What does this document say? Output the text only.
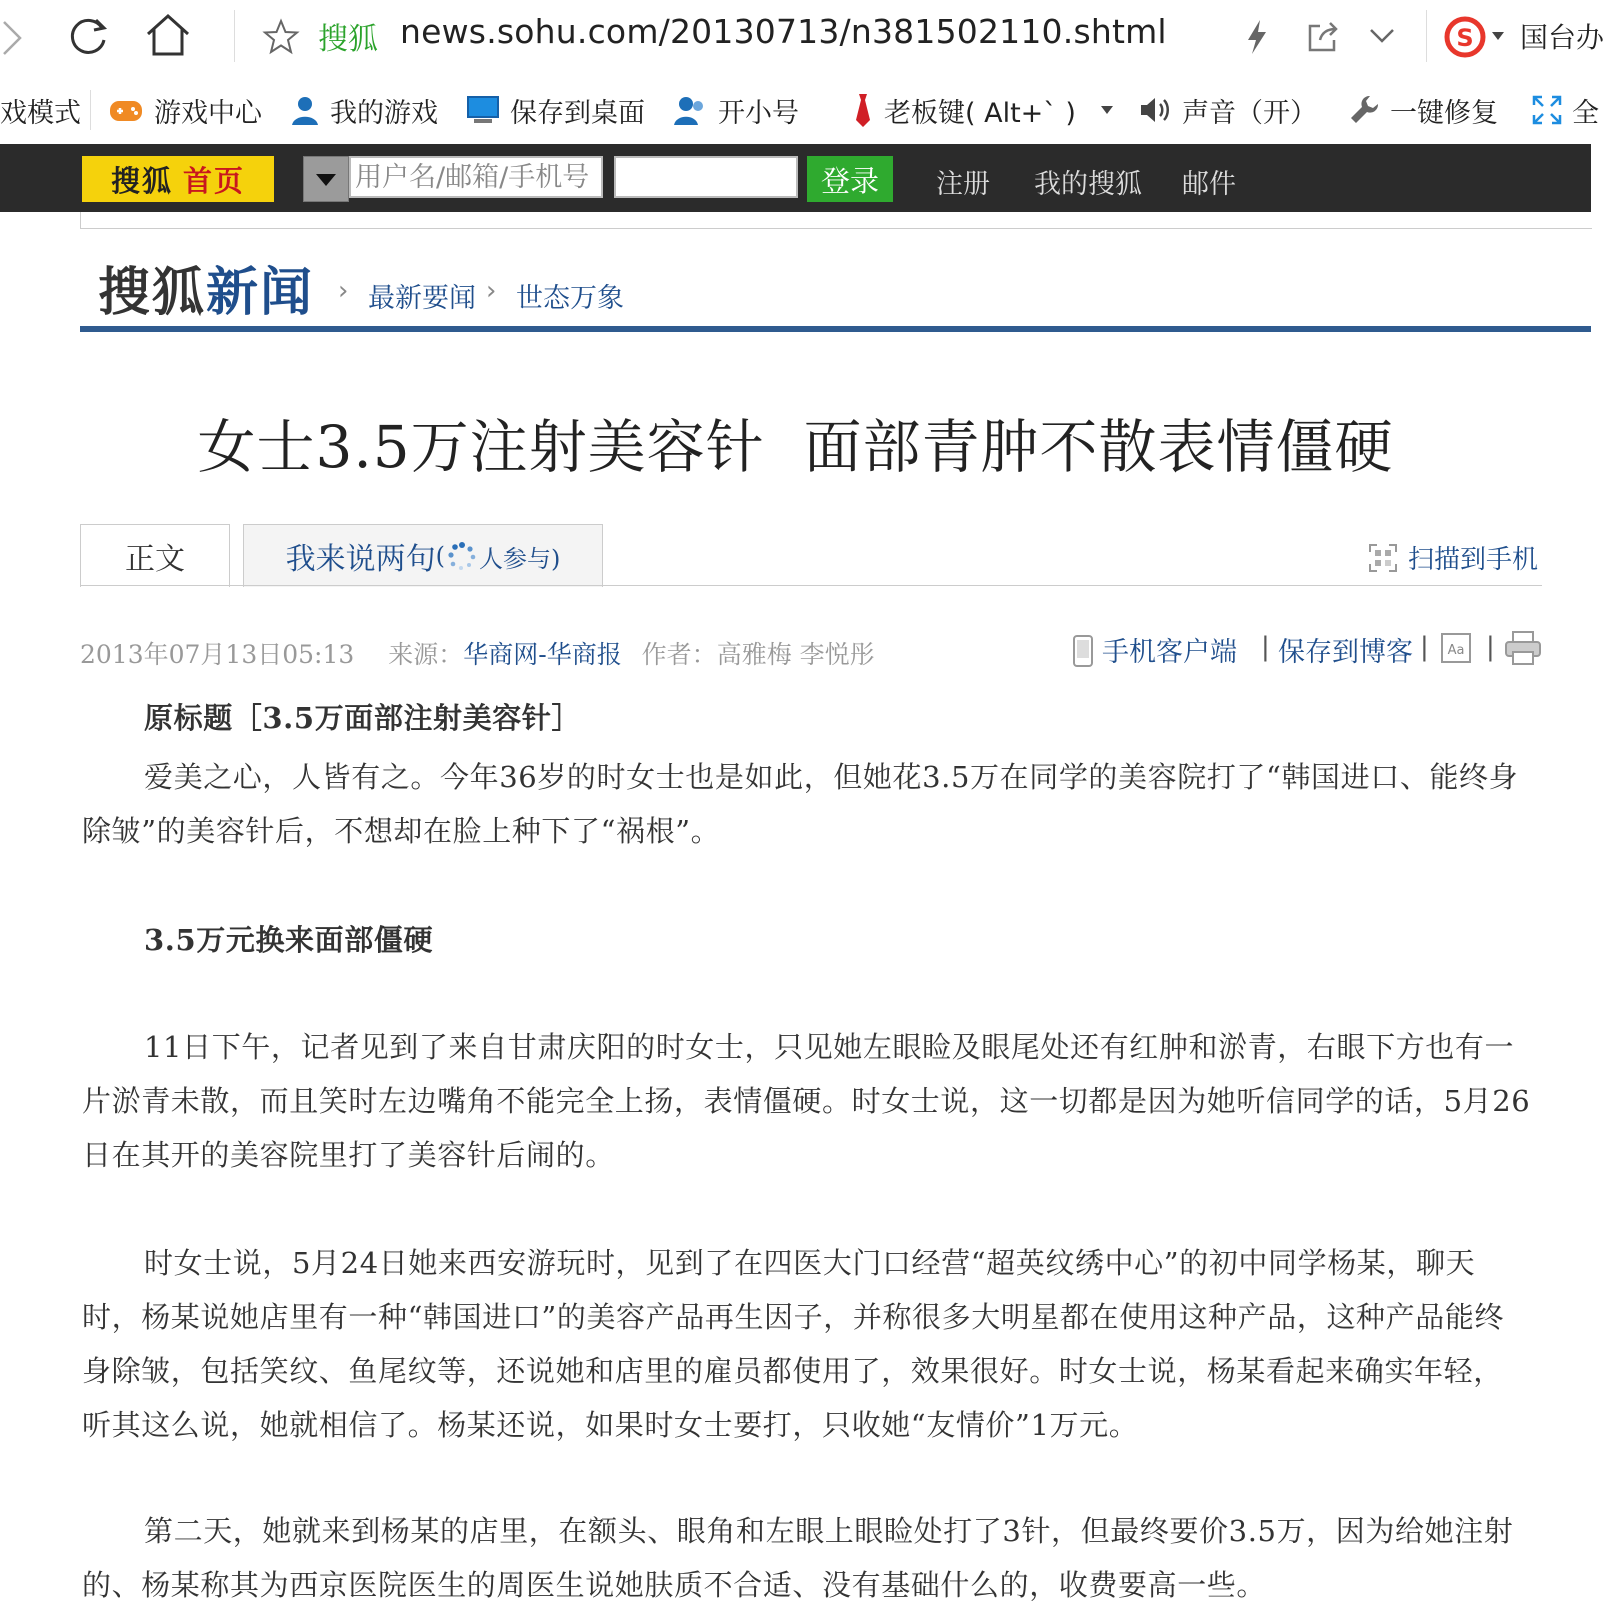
搜狐 news.sohu.com/20130713/n381502110.shtml	S 国台办
戏模式	游戏中心	我的游戏	保存到桌面	开小号	老板键( Alt+` )	声音（开）	一键修复	全
搜狐 首页	用户名/邮箱/手机号	登录	注册 我的搜狐 邮件
搜狐新闻 › 最新要闻 › 世态万象
女士3.5万注射美容针  面部青肿不散表情僵硬
正文	我来说两句 ( 人参与)	扫描到手机
2013年07月13日05:13 来源：华商网-华商报 作者：高雅梅 李悦彤	手机客户端 | 保存到博客 | Aa |
原标题［3.5万面部注射美容针］
爱美之心，人皆有之。今年36岁的时女士也是如此，但她花3.5万在同学的美容院打了“韩国进口、能终身除皱”的美容针后，不想却在脸上种下了“祸根”。
3.5万元换来面部僵硬
11日下午，记者见到了来自甘肃庆阳的时女士，只见她左眼睑及眼尾处还有红肿和淤青，右眼下方也有一片淤青未散，而且笑时左边嘴角不能完全上扬，表情僵硬。时女士说，这一切都是因为她听信同学的话，5月26日在其开的美容院里打了美容针后闹的。
时女士说，5月24日她来西安游玩时，见到了在四医大门口经营“超英纹绣中心”的初中同学杨某，聊天时，杨某说她店里有一种“韩国进口”的美容产品再生因子，并称很多大明星都在使用这种产品，这种产品能终身除皱，包括笑纹、鱼尾纹等，还说她和店里的雇员都使用了，效果很好。时女士说，杨某看起来确实年轻，听其这么说，她就相信了。杨某还说，如果时女士要打，只收她“友情价”1万元。
第二天，她就来到杨某的店里，在额头、眼角和左眼上眼睑处打了3针，但最终要价3.5万，因为给她注射的、杨某称其为西京医院医生的周医生说她肤质不合适、没有基础什么的，收费要高一些。
